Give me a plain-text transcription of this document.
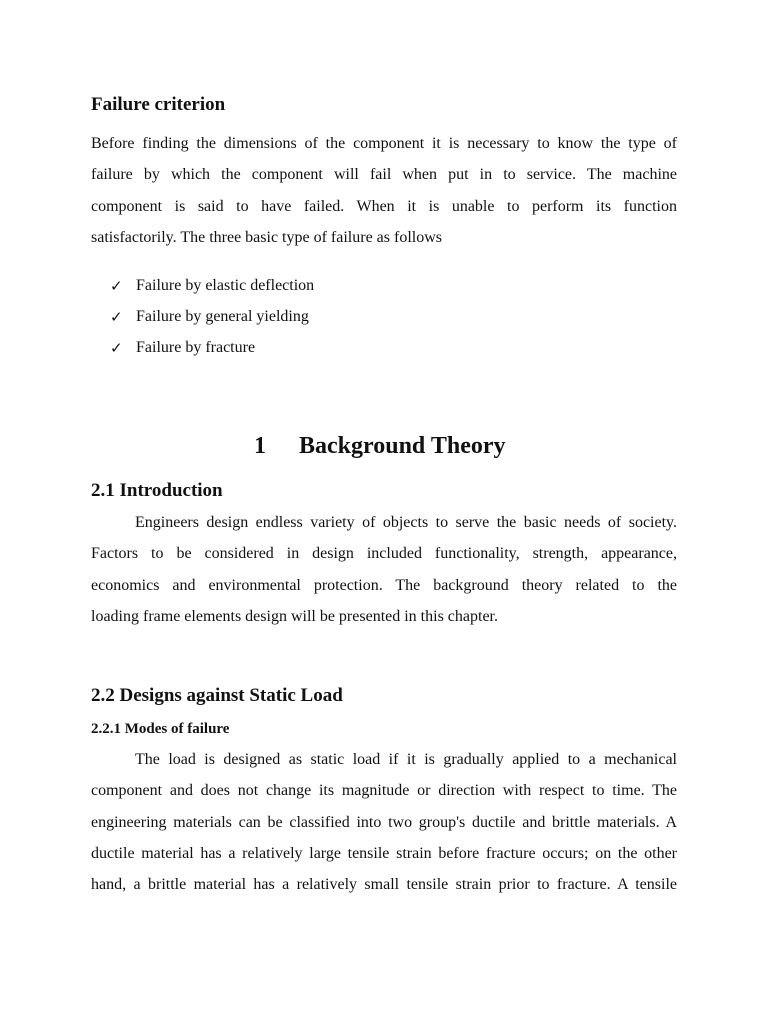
Failure criterion
Before finding the dimensions of the component it is necessary to know the type of
failure by which the component will fail when put in to service. The machine
component is said to have failed. When it is unable to perform its function
satisfactorily. The three basic type of failure as follows
✓ Failure by elastic deflection
✓ Failure by general yielding
✓ Failure by fracture
1 Background Theory
2.1 Introduction
Engineers design endless variety of objects to serve the basic needs of society.
Factors to be considered in design included functionality, strength, appearance,
economics and environmental protection. The background theory related to the
loading frame elements design will be presented in this chapter.
2.2 Designs against Static Load
2.2.1 Modes of failure
The load is designed as static load if it is gradually applied to a mechanical
component and does not change its magnitude or direction with respect to time. The
engineering materials can be classified into two group's ductile and brittle materials. A
ductile material has a relatively large tensile strain before fracture occurs; on the other
hand, a brittle material has a relatively small tensile strain prior to fracture. A tensile
